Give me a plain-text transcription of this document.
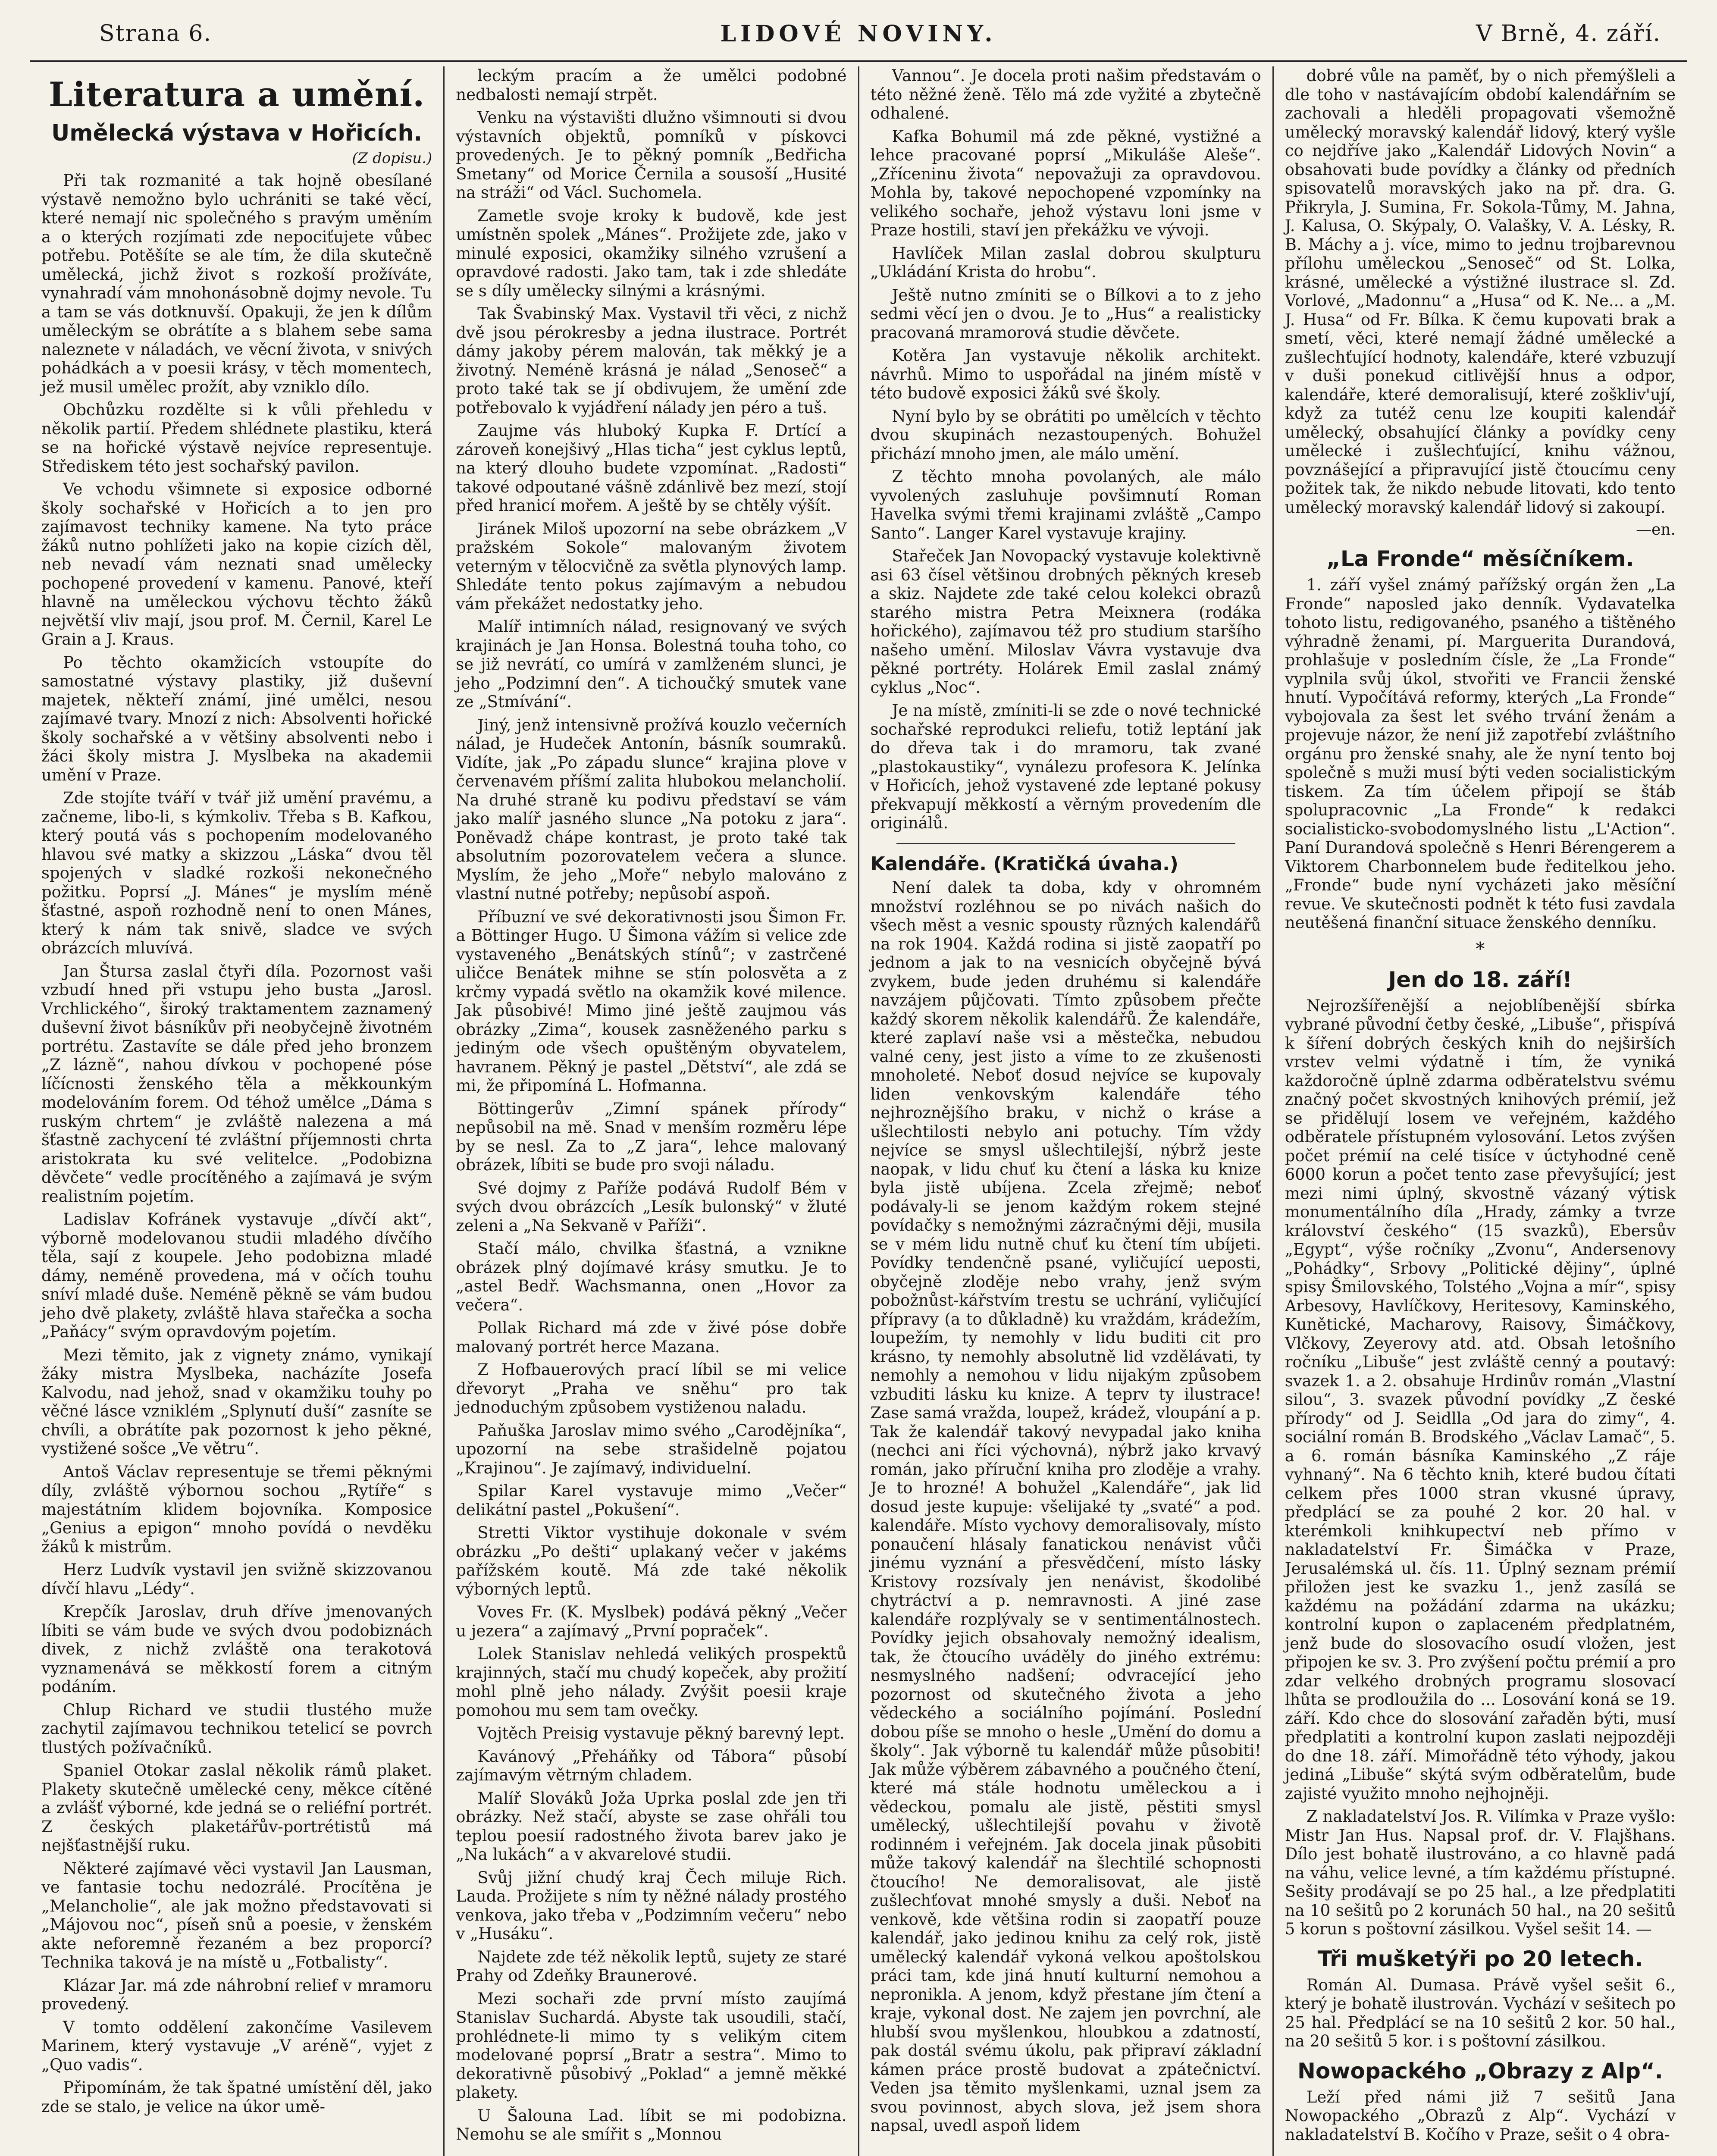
Strana 6.	LIDOVÉ NOVINY.	V Brně, 4. září.
Literatura a umění.
Umělecká výstava v Hořicích.
(Z dopisu.)

Při tak rozmanité a tak hojně obesílané výstavě nemožno bylo uchrániti se také věcí, které nemají nic společného s pravým uměním a o kterých rozjímati zde nepociťujete vůbec potřebu. Potěšíte se ale tím, že dila skutečně umělecká, jichž život s rozkoší prožíváte, vynahradí vám mnohonásobně dojmy nevole. Tu a tam se vás dotknuvší. Opakuji, že jen k dílům uměleckým se obrátíte a s blahem sebe sama naleznete v náladách, ve věcní života, v snivých pohádkách a v poesii krásy, v těch momentech, jež musil umělec prožít, aby vzniklo dílo.

Obchůzku rozdělte si k vůli přehledu v několik partií. Předem shlédnete plastiku, která se na hořické výstavě nejvíce representuje. Střediskem této jest sochařský pavilon.

Ve vchodu všimnete si exposice odborné školy sochařské v Hořicích a to jen pro zajímavost techniky kamene. Na tyto práce žáků nutno pohlížeti jako na kopie cizích děl, neb nevadí vám neznati snad umělecky pochopené provedení v kamenu. Panové, kteří hlavně na uměleckou výchovu těchto žáků největší vliv mají, jsou prof. M. Černil, Karel Le Grain a J. Kraus.

Po těchto okamžicích vstoupíte do samostatné výstavy plastiky, již duševní majetek, někteří známí, jiné umělci, nesou zajímavé tvary. Mnozí z nich: Absolventi hořické školy sochařské a v většiny absolventi nebo i žáci školy mistra J. Myslbeka na akademii umění v Praze.

Zde stojíte tváří v tvář již umění pravému, a začneme, libo-li, s kýmkoliv. Třeba s B. Kafkou, který poutá vás s pochopením modelovaného hlavou své matky a skizzou „Láska“ dvou těl spojených v sladké rozkoši nekonečného požitku. Poprsí „J. Mánes“ je myslím méně šťastné, aspoň rozhodně není to onen Mánes, který k nám tak snivě, sladce ve svých obrázcích mluvívá.

Jan Štursa zaslal čtyři díla. Pozornost vaši vzbudí hned při vstupu jeho busta „Jarosl. Vrchlického“, široký traktamentem zaznamený duševní život básníkův při neobyčejně životném portrétu. Zastavíte se dále před jeho bronzem „Z lázně“, nahou dívkou v pochopené póse líčícnosti ženského těla a měkkounkým modelováním forem. Od téhož umělce „Dáma s ruským chrtem“ je zvláště nalezena a má šťastně zachycení té zvláštní příjemnosti chrta aristokrata ku své velitelce. „Podobizna děvčete“ vedle procítěného a zajímavá je svým realistním pojetím.

Ladislav Kofránek vystavuje „dívčí akt“, výborně modelovanou studii mladého dívčího těla, sají z koupele. Jeho podobizna mladé dámy, neméně provedena, má v očích touhu sníví mladé duše. Neméně pěkně se vám budou jeho dvě plakety, zvláště hlava stařečka a socha „Paňácy“ svým opravdovým pojetím.

Mezi těmito, jak z vignety známo, vynikají žáky mistra Myslbeka, nacházíte Josefa Kalvodu, nad jehož, snad v okamžiku touhy po věčné lásce vzniklém „Splynutí duší“ zasníte se chvíli, a obrátíte pak pozornost k jeho pěkné, vystižené sošce „Ve větru“.

Antoš Václav representuje se třemi pěknými díly, zvláště výbornou sochou „Rytíře“ s majestátním klidem bojovníka. Komposice „Genius a epigon“ mnoho povídá o nevděku žáků k mistrům.

Herz Ludvík vystavil jen svižně skizzovanou dívčí hlavu „Lédy“.

Krepčík Jaroslav, druh dříve jmenovaných líbiti se vám bude ve svých dvou podobiznách divek, z nichž zvláště ona terakotová vyznamenává se měkkostí forem a citným podáním.

Chlup Richard ve studii tlustého muže zachytil zajímavou technikou tetelicí se povrch tlustých požívačníků.

Spaniel Otokar zaslal několik rámů plaket. Plakety skutečně umělecké ceny, měkce cítěné a zvlášť výborné, kde jedná se o reliéfní portrét. Z českých plaketářův-portrétistů má nejšťastnější ruku.

Některé zajímavé věci vystavil Jan Lausman, ve fantasie tochu nedozrálé. Procítěna je „Melancholie“, ale jak možno představovati si „Májovou noc“, píseň snů a poesie, v ženském akte neforemně řezaném a bez proporcí? Technika taková je na místě u „Fotbalisty“.

Klázar Jar. má zde náhrobní relief v mramoru provedený.

V tomto oddělení zakončíme Vasilevem Marinem, který vystavuje „V aréně“, vyjet z „Quo vadis“.

Připomínám, že tak špatné umístění děl, jako zde se stalo, je velice na úkor umě-

leckým pracím a že umělci podobné nedbalosti nemají strpět.

Venku na výstavišti dlužno všimnouti si dvou výstavních objektů, pomníků v pískovci provedených. Je to pěkný pomník „Bedřicha Smetany“ od Morice Černila a sousoší „Husité na stráži“ od Václ. Suchomela.

Zametle svoje kroky k budově, kde jest umístněn spolek „Mánes“. Prožijete zde, jako v minulé exposici, okamžiky silného vzrušení a opravdové radosti. Jako tam, tak i zde shledáte se s díly umělecky silnými a krásnými.

Tak Švabinský Max. Vystavil tři věci, z nichž dvě jsou pérokresby a jedna ilustrace. Portrét dámy jakoby pérem malován, tak měkký je a životný. Neméně krásná je nálad „Senoseč“ a proto také tak se jí obdivujem, že umění zde potřebovalo k vyjádření nálady jen péro a tuš.

Zaujme vás hluboký Kupka F. Drtící a zároveň konejšivý „Hlas ticha“ jest cyklus leptů, na který dlouho budete vzpomínat. „Radosti“ takové odpoutané vášně zdánlivě bez mezí, stojí před hranicí mořem. A ještě by se chtěly výšít.

Jiránek Miloš upozorní na sebe obrázkem „V pražském Sokole“ malovaným životem veterným v tělocvičně za světla plynových lamp. Shledáte tento pokus zajímavým a nebudou vám překážet nedostatky jeho.

Malíř intimních nálad, resignovaný ve svých krajinách je Jan Honsa. Bolestná touha toho, co se již nevrátí, co umírá v zamlženém slunci, je jeho „Podzimní den“. A tichoučký smutek vane ze „Stmívání“.

Jiný, jenž intensivně prožívá kouzlo večerních nálad, je Hudeček Antonín, básník soumraků. Vidíte, jak „Po západu slunce“ krajina plove v červenavém příšmí zalita hlubokou melancholií. Na druhé straně ku podivu představí se vám jako malíř jasného slunce „Na potoku z jara“. Poněvadž chápe kontrast, je proto také tak absolutním pozorovatelem večera a slunce. Myslím, že jeho „Moře“ nebylo malováno z vlastní nutné potřeby; nepůsobí aspoň.

Příbuzní ve své dekorativnosti jsou Šimon Fr. a Böttinger Hugo. U Šimona vážím si velice zde vystaveného „Benátských stínů“; v zastrčené uličce Benátek mihne se stín polosvěta a z krčmy vypadá světlo na okamžik kové milence. Jak působivé! Mimo jiné ještě zaujmou vás obrázky „Zima“, kousek zasněženého parku s jediným ode všech opuštěným obyvatelem, havranem. Pěkný je pastel „Dětství“, ale zdá se mi, že připomíná L. Hofmanna.

Böttingerův „Zimní spánek přírody“ nepůsobil na mě. Snad v menším rozměru lépe by se nesl. Za to „Z jara“, lehce malovaný obrázek, líbiti se bude pro svoji náladu.

Své dojmy z Paříže podává Rudolf Bém v svých dvou obrázcích „Lesík bulonský“ v žluté zeleni a „Na Sekvaně v Paříži“.

Stačí málo, chvilka šťastná, a vznikne obrázek plný dojímavé krásy smutku. Je to „astel Bedř. Wachsmanna, onen „Hovor za večera“.

Pollak Richard má zde v živé póse dobře malovaný portrét herce Mazana.

Z Hofbauerových prací líbil se mi velice dřevoryt „Praha ve sněhu“ pro tak jednoduchým způsobem vystiženou naladu.

Paňuška Jaroslav mimo svého „Carodějníka“, upozorní na sebe strašidelně pojatou „Krajinou“. Je zajímavý, individuelní.

Spilar Karel vystavuje mimo „Večer“ delikátní pastel „Pokušení“.

Stretti Viktor vystihuje dokonale v svém obrázku „Po dešti“ uplakaný večer v jakéms pařížském koutě. Má zde také několik výborných leptů.

Voves Fr. (K. Myslbek) podává pěkný „Večer u jezera“ a zajímavý „První popraček“.

Lolek Stanislav nehledá velikých prospektů krajinných, stačí mu chudý kopeček, aby prožití mohl plně jeho nálady. Zvýšit poesii kraje pomohou mu sem tam ovečky.

Vojtěch Preisig vystavuje pěkný barevný lept.

Kavánový „Přeháňky od Tábora“ působí zajímavým větrným chladem.

Malíř Slováků Joža Uprka poslal zde jen tři obrázky. Než stačí, abyste se zase ohřáli tou teplou poesií radostného života barev jako je „Na lukách“ a v akvarelové studii.

Svůj jižní chudý kraj Čech miluje Rich. Lauda. Prožijete s ním ty něžné nálady prostého venkova, jako třeba v „Podzimním večeru“ nebo v „Husáku“.

Najdete zde též několik leptů, sujety ze staré Prahy od Zdeňky Braunerové.

Mezi sochaři zde první místo zaujímá Stanislav Suchardá. Abyste tak usoudili, stačí, prohlédnete-li mimo ty s velikým citem modelované poprsí „Bratr a sestra“. Mimo to dekorativně působivý „Poklad“ a jemně měkké plakety.

U Šalouna Lad. líbit se mi podobizna. Nemohu se ale smířit s „Monnou

Vannou“. Je docela proti našim představám o této něžné ženě. Tělo má zde vyžité a zbytečně odhalené.

Kafka Bohumil má zde pěkné, vystižné a lehce pracované poprsí „Mikuláše Aleše“. „Zříceninu života“ nepovažuji za opravdovou. Mohla by, takové nepochopené vzpomínky na velikého sochaře, jehož výstavu loni jsme v Praze hostili, staví jen překážku ve vývoji.

Havlíček Milan zaslal dobrou skulpturu „Ukládání Krista do hrobu“.

Ještě nutno zmíniti se o Bílkovi a to z jeho sedmi věcí jen o dvou. Je to „Hus“ a realisticky pracovaná mramorová studie děvčete.

Kotěra Jan vystavuje několik architekt. návrhů. Mimo to uspořádal na jiném místě v této budově exposici žáků své školy.

Nyní bylo by se obrátiti po umělcích v těchto dvou skupinách nezastoupených. Bohužel přichází mnoho jmen, ale málo umění.

Z těchto mnoha povolaných, ale málo vyvolených zasluhuje povšimnutí Roman Havelka svými třemi krajinami zvláště „Campo Santo“. Langer Karel vystavuje krajiny.

Stařeček Jan Novopacký vystavuje kolektivně asi 63 čísel většinou drobných pěkných kreseb a skiz. Najdete zde také celou kolekci obrazů starého mistra Petra Meixnera (rodáka hořického), zajímavou též pro studium staršího našeho umění. Miloslav Vávra vystavuje dva pěkné portréty. Holárek Emil zaslal známý cyklus „Noc“.

Je na místě, zmíniti-li se zde o nové technické sochařské reprodukci reliefu, totiž leptání jak do dřeva tak i do mramoru, tak zvané „plastokaustiky“, vynálezu profesora K. Jelínka v Hořicích, jehož vystavené zde leptané pokusy překvapují měkkostí a věrným provedením dle originálů.

Kalendáře. (Kratičká úvaha.)

Není dalek ta doba, kdy v ohromném množství rozléhnou se po nivách našich do všech měst a vesnic spousty různých kalendářů na rok 1904. Každá rodina si jistě zaopatří po jednom a jak to na vesnicích obyčejně bývá zvykem, bude jeden druhému si kalendáře navzájem půjčovati. Tímto způsobem přečte každý skorem několik kalendářů. Že kalendáře, které zaplaví naše vsi a městečka, nebudou valné ceny, jest jisto a víme to ze zkušenosti mnoholeté. Neboť dosud nejvíce se kupovaly liden venkovským kalendáře tého nejhroznějšího braku, v nichž o kráse a ušlechtilosti nebylo ani potuchy. Tím vždy nejvíce se smysl ušlechtilejší, nýbrž jeste naopak, v lidu chuť ku čtení a láska ku knize byla jistě ubíjena. Zcela zřejmě; neboť podávaly-li se jenom každým rokem stejné povídačky s nemožnými zázračnými ději, musila se v mém lidu nutně chuť ku čtení tím ubíjeti. Povídky tendenčně psané, vyličující ueposti, obyčejně zloděje nebo vrahy, jenž svým pobožnůst-kářstvím trestu se uchrání, vyličující přípravy (a to důkladně) ku vraždám, krádežím, loupežím, ty nemohly v lidu buditi cit pro krásno, ty nemohly absolutně lid vzdělávati, ty nemohly a nemohou v lidu nijakým způsobem vzbuditi lásku ku knize. A teprv ty ilustrace! Zase samá vražda, loupež, krádež, vloupání a p. Tak že kalendář takový nevypadal jako kniha (nechci ani říci výchovná), nýbrž jako krvavý román, jako příruční kniha pro zloděje a vrahy. Je to hrozné! A bohužel „Kalendáře“, jak lid dosud jeste kupuje: všelijaké ty „svaté“ a pod. kalendáře. Místo vychovy demoralisovaly, místo ponaučení hlásaly fanatickou nenávist vůči jinému vyznání a přesvědčení, místo lásky Kristovy rozsívaly jen nenávist, škodolibé chytráctví a p. nemravnosti. A jiné zase kalendáře rozplývaly se v sentimentálnostech. Povídky jejich obsahovaly nemožný idealism, tak, že čtoucího uváděly do jiného extrému: nesmyslného nadšení; odvracející jeho pozornost od skutečného života a jeho vědeckého a sociálního pojímání. Poslední dobou píše se mnoho o hesle „Umění do domu a školy“. Jak výborně tu kalendář může působiti! Jak může výběrem zábavného a poučného čtení, které má stále hodnotu uměleckou a i vědeckou, pomalu ale jistě, pěstiti smysl umělecký, ušlechtilejší povahu v životě rodinném i veřejném. Jak docela jinak působiti může takový kalendář na šlechtilé schopnosti čtoucího! Ne demoralisovat, ale jistě zušlechťovat mnohé smysly a duši. Neboť na venkově, kde většina rodin si zaopatří pouze kalendář, jako jedinou knihu za celý rok, jistě umělecký kalendář vykoná velkou apoštolskou práci tam, kde jiná hnutí kulturní nemohou a nepronikla. A jenom, když přestane jím čtení a kraje, vykonal dost. Ne zajem jen povrchní, ale hlubší svou myšlenkou, hloubkou a zdatností, pak dostál svému úkolu, pak připraví základní kámen práce prostě budovat a zpátečnictví. Veden jsa těmito myšlenkami, uznal jsem za svou povinnost, abych slova, jež jsem shora napsal, uvedl aspoň lidem

dobré vůle na paměť, by o nich přemýšleli a dle toho v nastávajícím období kalendářním se zachovali a hleděli propagovati všemožně umělecký moravský kalendář lidový, který vyšle co nejdříve jako „Kalendář Lidových Novin“ a obsahovati bude povídky a články od předních spisovatelů moravských jako na př. dra. G. Přikryla, J. Sumina, Fr. Sokola-Tůmy, M. Jahna, J. Kalusa, O. Skýpaly, O. Valašky, V. A. Lésky, R. B. Máchy a j. více, mimo to jednu trojbarevnou přílohu uměleckou „Senoseč“ od St. Lolka, krásné, umělecké a výstižné ilustrace sl. Zd. Vorlové, „Madonnu“ a „Husa“ od K. Ne... a „M. J. Husa“ od Fr. Bílka. K čemu kupovati brak a smetí, věci, které nemají žádné umělecké a zušlechťující hodnoty, kalendáře, které vzbuzují v duši ponekud citlivější hnus a odpor, kalendáře, které demoralisují, které zoškliv'ují, když za tutéž cenu lze koupiti kalendář umělecký, obsahující články a povídky ceny umělecké i zušlechťující, knihu vážnou, povznášející a připravující jistě čtoucímu ceny požitek tak, že nikdo nebude litovati, kdo tento umělecký moravský kalendář lidový si zakoupí.

—en.
„La Fronde“ měsíčníkem.

1. září vyšel známý pařížský orgán žen „La Fronde“ naposled jako denník. Vydavatelka tohoto listu, redigovaného, psaného a tištěného výhradně ženami, pí. Marguerita Durandová, prohlašuje v posledním čísle, že „La Fronde“ vyplnila svůj úkol, stvořiti ve Francii ženské hnutí. Vypočítává reformy, kterých „La Fronde“ vybojovala za šest let svého trvání ženám a projevuje názor, že není již zapotřebí zvláštního orgánu pro ženské snahy, ale že nyní tento boj společně s muži musí býti veden socialistickým tiskem. Za tím účelem připojí se štáb spolupracovnic „La Fronde“ k redakci socialisticko-svobodomyslného listu „L'Action“. Paní Durandová společně s Henri Bérengerem a Viktorem Charbonnelem bude ředitelkou jeho. „Fronde“ bude nyní vycházeti jako měsíční revue. Ve skutečnosti podnět k této fusi zavdala neutěšená finanční situace ženského denníku.

*
Jen do 18. září!

Nejrozšířenější a nejoblíbenější sbírka vybrané původní četby české, „Libuše“, přispívá k šíření dobrých českých knih do nejširších vrstev velmi výdatně i tím, že vyniká každoročně úplně zdarma odběratelstvu svému značný počet skvostných knihových prémií, jež se přidělují losem ve veřejném, každého odběratele přístupném vylosování. Letos zvýšen počet prémií na celé tisíce v úctyhodné ceně 6000 korun a počet tento zase převyšující; jest mezi nimi úplný, skvostně vázaný výtisk monumentálního díla „Hrady, zámky a tvrze království českého“ (15 svazků), Ebersův „Egypt“, výše ročníky „Zvonu“, Andersenovy „Pohádky“, Srbovy „Politické dějiny“, úplné spisy Šmilovského, Tolstého „Vojna a mír“, spisy Arbesovy, Havlíčkovy, Heritesovy, Kaminského, Kunětické, Macharovy, Raisovy, Šimáčkovy, Vlčkovy, Zeyerovy atd. atd. Obsah letošního ročníku „Libuše“ jest zvláště cenný a poutavý: svazek 1. a 2. obsahuje Hrdinův román „Vlastní silou“, 3. svazek původní povídky „Z české přírody“ od J. Seidlla „Od jara do zimy“, 4. sociální román B. Brodského „Václav Lamač“, 5. a 6. román básníka Kaminského „Z ráje vyhnaný“. Na 6 těchto knih, které budou čítati celkem přes 1000 stran vkusné úpravy, předplácí se za pouhé 2 kor. 20 hal. v kterémkoli knihkupectví neb přímo v nakladatelství Fr. Šimáčka v Praze, Jerusalémská ul. čís. 11. Úplný seznam prémií přiložen jest ke svazku 1., jenž zasílá se každému na požádání zdarma na ukázku; kontrolní kupon o zaplaceném předplatném, jenž bude do slosovacího osudí vložen, jest připojen ke sv. 3. Pro zvýšení počtu prémií a pro zdar velkého drobných programu slosovací lhůta se prodloužila do ... Losování koná se 19. září. Kdo chce do slosování zařaděn býti, musí předplatiti a kontrolní kupon zaslati nejpozději do dne 18. září. Mimořádně této výhody, jakou jediná „Libuše“ skýtá svým odběratelům, bude zajisté využito mnoho nejhojněji.

Z nakladatelství Jos. R. Vilímka v Praze vyšlo: Mistr Jan Hus. Napsal prof. dr. V. Flajšhans. Dílo jest bohatě ilustrováno, a co hlavně padá na váhu, velice levné, a tím každému přístupné. Sešity prodávají se po 25 hal., a lze předplatiti na 10 sešitů po 2 korunách 50 hal., na 20 sešitů 5 korun s poštovní zásilkou. Vyšel sešit 14. —

Tři mušketýři po 20 letech.

Román Al. Dumasa. Právě vyšel sešit 6., který je bohatě ilustrován. Vychází v sešitech po 25 hal. Předplácí se na 10 sešitů 2 kor. 50 hal., na 20 sešitů 5 kor. i s poštovní zásilkou.

Nowopackého „Obrazy z Alp“.

Leží před námi již 7 sešitů Jana Nowopackého „Obrazů z Alp“. Vychází v nakladatelství B. Kočího v Praze, sešit o 4 obra-
